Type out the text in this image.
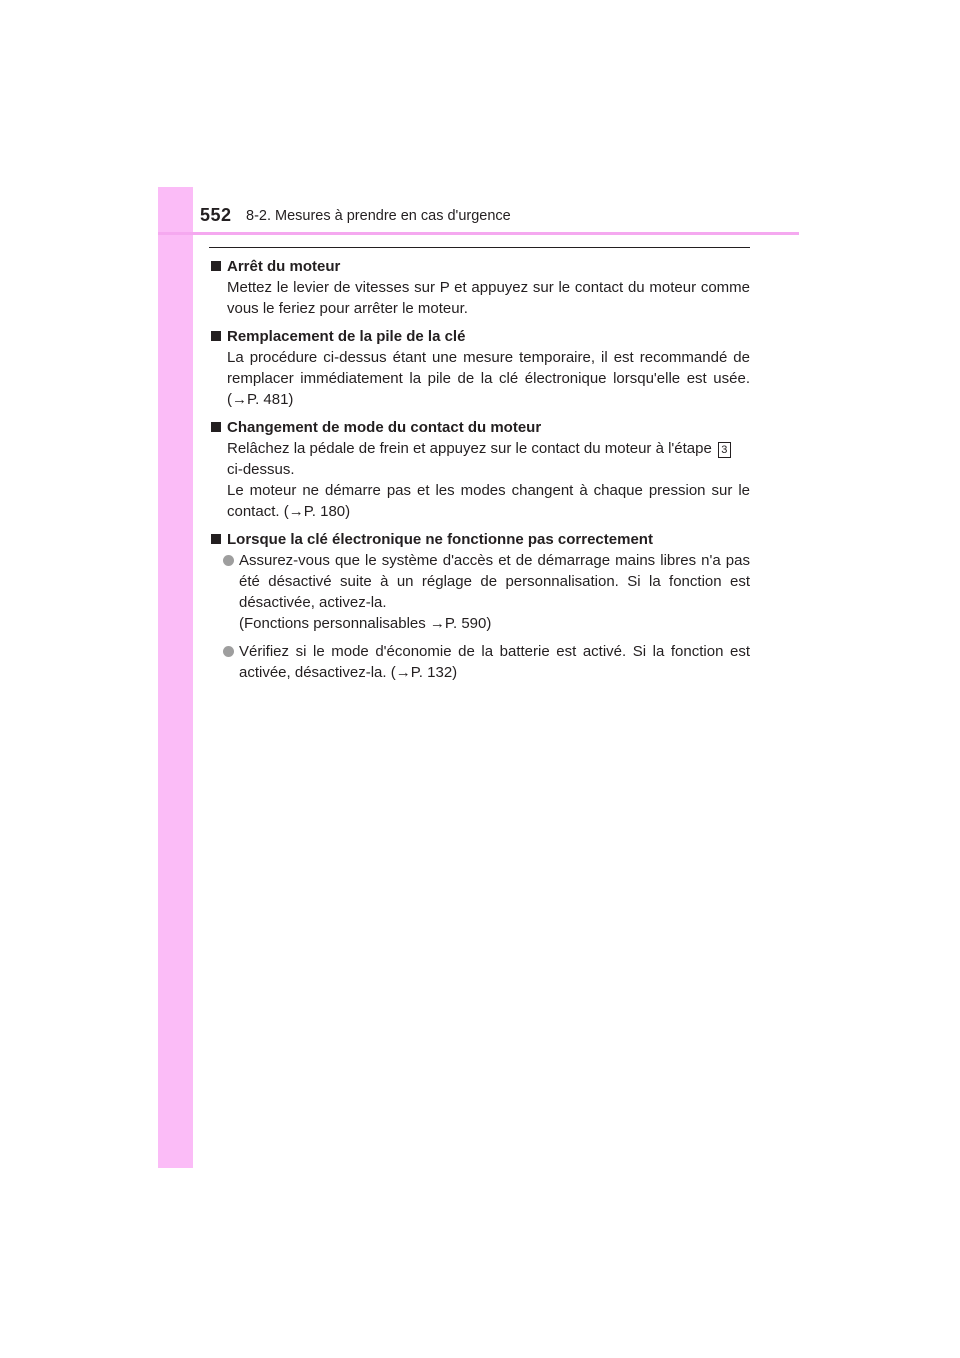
552 8-2. Mesures à prendre en cas d'urgence
Arrêt du moteur
Mettez le levier de vitesses sur P et appuyez sur le contact du moteur comme
vous le feriez pour arrêter le moteur.
Remplacement de la pile de la clé
La procédure ci-dessus étant une mesure temporaire, il est recommandé de
remplacer immédiatement la pile de la clé électronique lorsqu'elle est usée.
(→P. 481)
Changement de mode du contact du moteur
Relâchez la pédale de frein et appuyez sur le contact du moteur à l'étape 3
ci-dessus.
Le moteur ne démarre pas et les modes changent à chaque pression sur le
contact. (→P. 180)
Lorsque la clé électronique ne fonctionne pas correctement
Assurez-vous que le système d'accès et de démarrage mains libres n'a pas
été désactivé suite à un réglage de personnalisation. Si la fonction est
désactivée, activez-la.
(Fonctions personnalisables →P. 590)
Vérifiez si le mode d'économie de la batterie est activé. Si la fonction est
activée, désactivez-la. (→P. 132)
